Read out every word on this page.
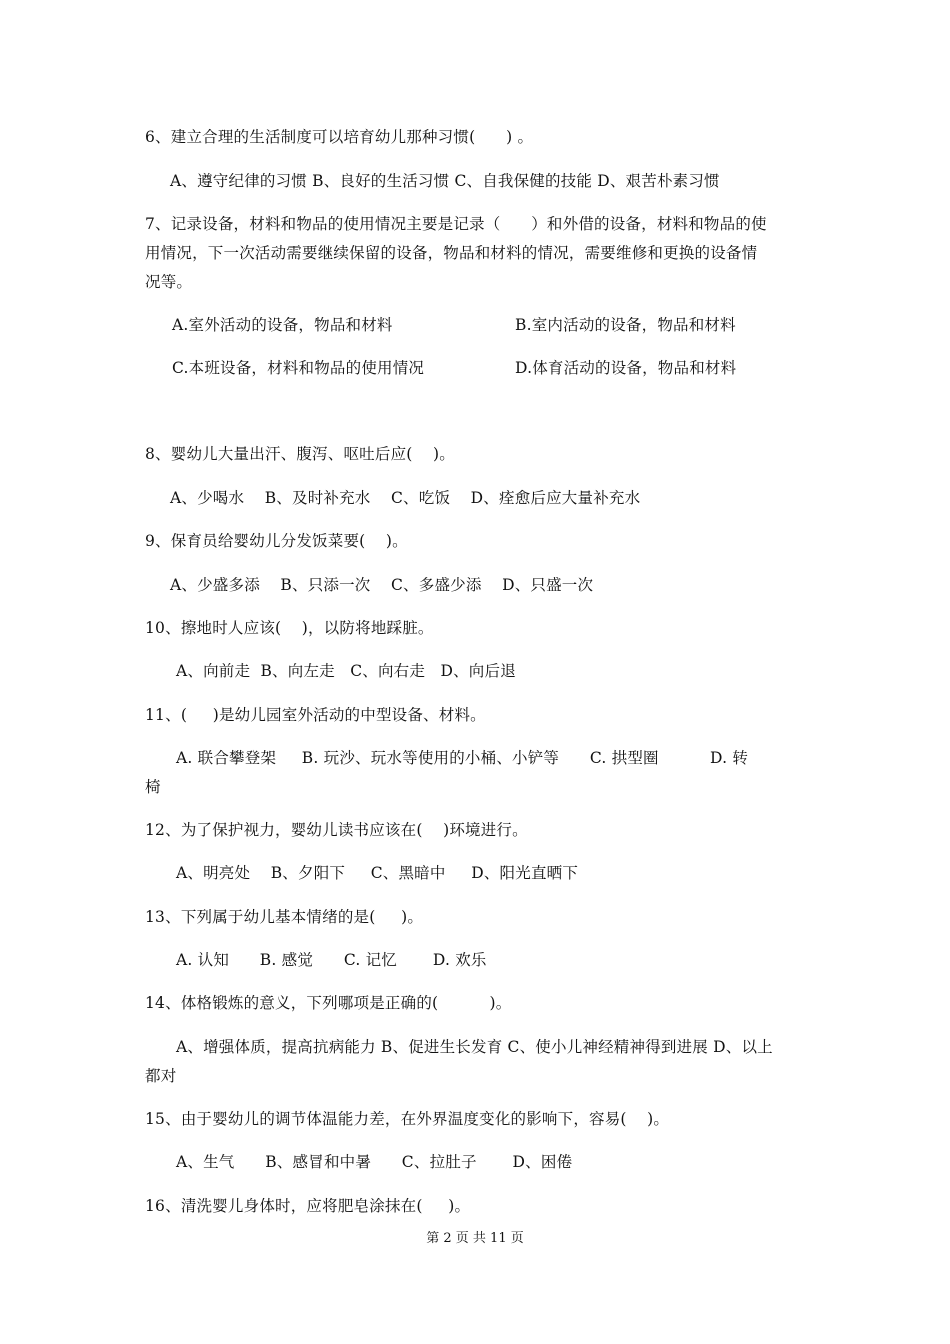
6、建立合理的生活制度可以培育幼儿那种习惯(      ) 。
A、遵守纪律的习惯 B、良好的生活习惯 C、自我保健的技能 D、艰苦朴素习惯
7、记录设备，材料和物品的使用情况主要是记录（      ）和外借的设备，材料和物品的使
用情况，下一次活动需要继续保留的设备，物品和材料的情况，需要维修和更换的设备情
况等。
A.室外活动的设备，物品和材料	B.室内活动的设备，物品和材料
C.本班设备，材料和物品的使用情况	D.体育活动的设备，物品和材料
8、婴幼儿大量出汗、腹泻、呕吐后应(    )。
A、少喝水    B、及时补充水    C、吃饭    D、痊愈后应大量补充水
9、保育员给婴幼儿分发饭菜要(    )。
A、少盛多添    B、只添一次    C、多盛少添    D、只盛一次
10、擦地时人应该(    )，以防将地踩脏。
A、向前走  B、向左走   C、向右走   D、向后退
11、(     )是幼儿园室外活动的中型设备、材料。
A. 联合攀登架     B. 玩沙、玩水等使用的小桶、小铲等      C. 拱型圈          D. 转
椅
12、为了保护视力，婴幼儿读书应该在(    )环境进行。
A、明亮处    B、夕阳下     C、黑暗中     D、阳光直晒下
13、下列属于幼儿基本情绪的是(     )。
A. 认知      B. 感觉      C. 记忆       D. 欢乐
14、体格锻炼的意义，下列哪项是正确的(          )。
A、增强体质，提高抗病能力 B、促进生长发育 C、使小儿神经精神得到进展 D、以上
都对
15、由于婴幼儿的调节体温能力差，在外界温度变化的影响下，容易(    )。
A、生气      B、感冒和中暑      C、拉肚子       D、困倦
16、清洗婴儿身体时，应将肥皂涂抹在(     )。
第 2 页 共 11 页
